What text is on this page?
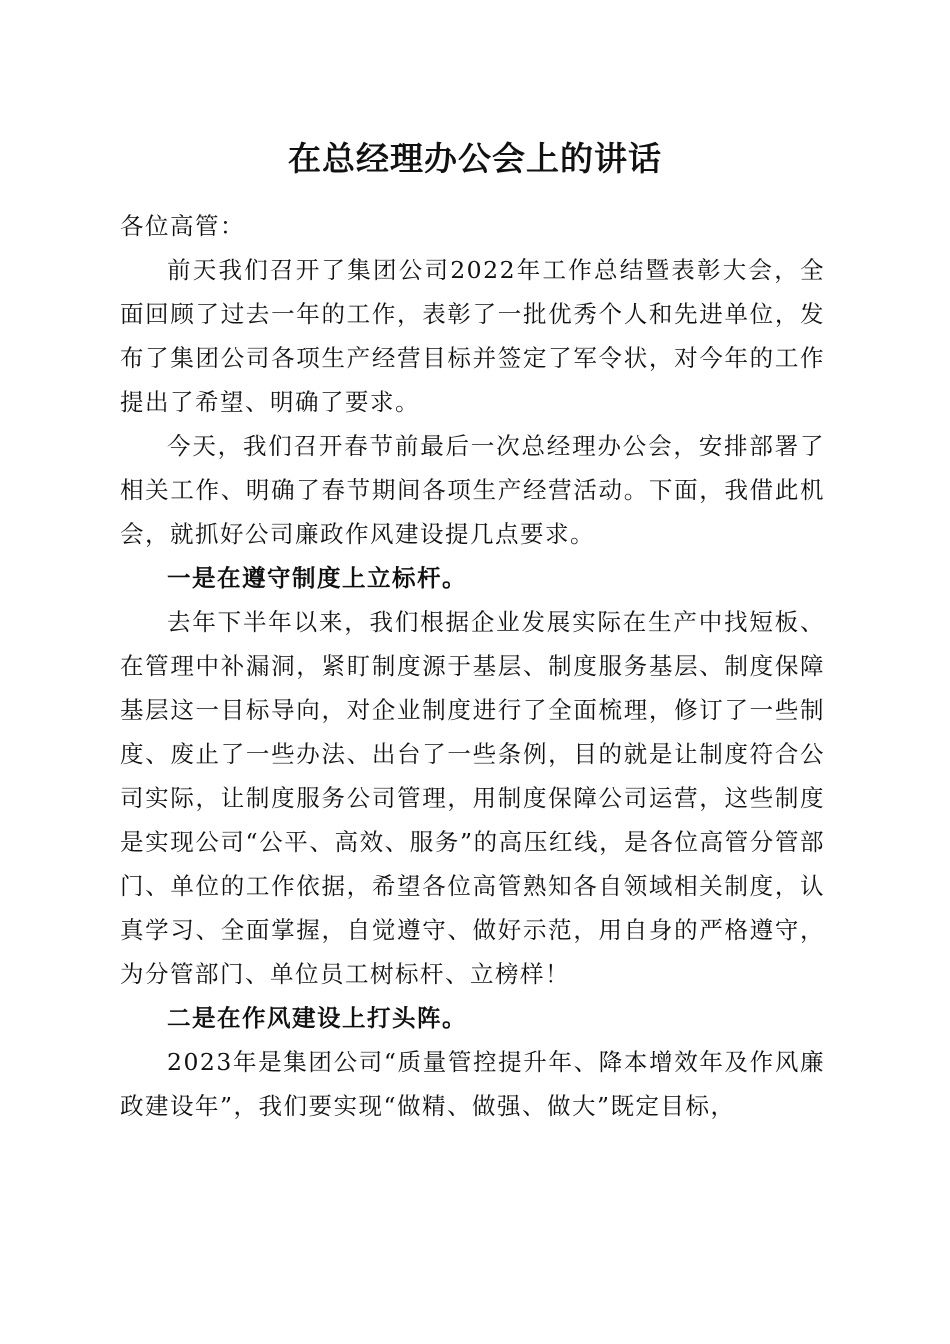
在总经理办公会上的讲话

各位高管：

前天我们召开了集团公司2022年工作总结暨表彰大会，全面回顾了过去一年的工作，表彰了一批优秀个人和先进单位，发布了集团公司各项生产经营目标并签定了军令状，对今年的工作提出了希望、明确了要求。

今天，我们召开春节前最后一次总经理办公会，安排部署了相关工作、明确了春节期间各项生产经营活动。下面，我借此机会，就抓好公司廉政作风建设提几点要求。

一是在遵守制度上立标杆。

去年下半年以来，我们根据企业发展实际在生产中找短板、在管理中补漏洞，紧盯制度源于基层、制度服务基层、制度保障基层这一目标导向，对企业制度进行了全面梳理，修订了一些制度、废止了一些办法、出台了一些条例，目的就是让制度符合公司实际，让制度服务公司管理，用制度保障公司运营，这些制度是实现公司“公平、高效、服务”的高压红线，是各位高管分管部门、单位的工作依据，希望各位高管熟知各自领域相关制度，认真学习、全面掌握，自觉遵守、做好示范，用自身的严格遵守，为分管部门、单位员工树标杆、立榜样！

二是在作风建设上打头阵。

2023年是集团公司“质量管控提升年、降本增效年及作风廉政建设年”，我们要实现“做精、做强、做大”既定目标，
